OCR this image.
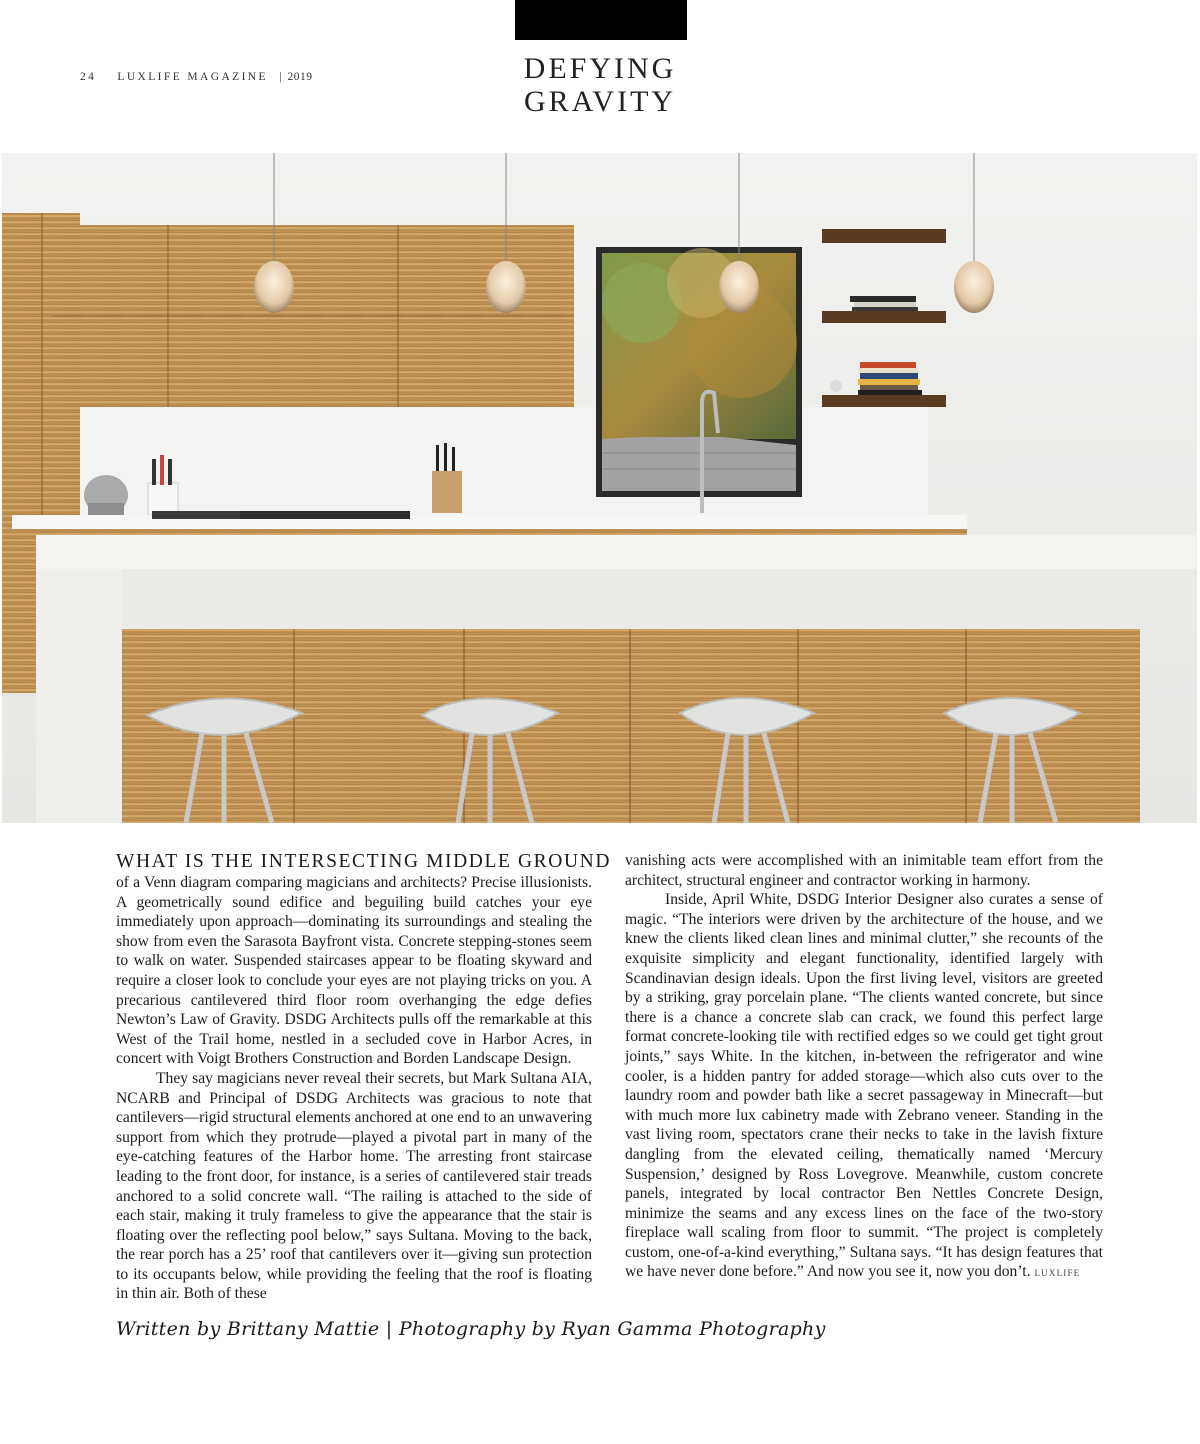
24 LUXLIFE MAGAZINE | 2019	DEFYING
GRAVITY
WHAT IS THE INTERSECTING MIDDLE GROUND

of a Venn diagram comparing magicians and architects? Precise illusionists. A geometrically sound edifice and beguiling build catches your eye immediately upon approach—dominating its surroundings and stealing the show from even the Sarasota Bayfront vista. Concrete stepping-stones seem to walk on water. Suspended staircases appear to be floating skyward and require a closer look to conclude your eyes are not playing tricks on you. A precarious cantilevered third floor room overhanging the edge defies Newton’s Law of Gravity. DSDG Architects pulls off the remarkable at this West of the Trail home, nestled in a secluded cove in Harbor Acres, in concert with Voigt Brothers Construction and Borden Landscape Design.

They say magicians never reveal their secrets, but Mark Sultana AIA, NCARB and Principal of DSDG Architects was gracious to note that cantilevers—rigid structural elements anchored at one end to an unwavering support from which they protrude—played a pivotal part in many of the eye-catching features of the Harbor home. The arresting front staircase leading to the front door, for instance, is a series of cantilevered stair treads anchored to a solid concrete wall. “The railing is attached to the side of each stair, making it truly frameless to give the appearance that the stair is floating over the reflecting pool below,” says Sultana. Moving to the back, the rear porch has a 25’ roof that cantilevers over it—giving sun protection to its occupants below, while providing the feeling that the roof is floating in thin air. Both of these

vanishing acts were accomplished with an inimitable team effort from the architect, structural engineer and contractor working in harmony.

Inside, April White, DSDG Interior Designer also curates a sense of magic. “The interiors were driven by the architecture of the house, and we knew the clients liked clean lines and minimal clutter,” she recounts of the exquisite simplicity and elegant functionality, identified largely with Scandinavian design ideals. Upon the first living level, visitors are greeted by a striking, gray porcelain plane. “The clients wanted concrete, but since there is a chance a concrete slab can crack, we found this perfect large format concrete-looking tile with rectified edges so we could get tight grout joints,” says White. In the kitchen, in-between the refrigerator and wine cooler, is a hidden pantry for added storage—which also cuts over to the laundry room and powder bath like a secret passageway in Minecraft—but with much more lux cabinetry made with Zebrano veneer. Standing in the vast living room, spectators crane their necks to take in the lavish fixture dangling from the elevated ceiling, thematically named ‘Mercury Suspension,’ designed by Ross Lovegrove. Meanwhile, custom concrete panels, integrated by local contractor Ben Nettles Concrete Design, minimize the seams and any excess lines on the face of the two-story fireplace wall scaling from floor to summit. “The project is completely custom, one-of-a-kind everything,” Sultana says. “It has design features that we have never done before.” And now you see it, now you don’t. LUXLIFE

Written by Brittany Mattie | Photography by Ryan Gamma Photography
